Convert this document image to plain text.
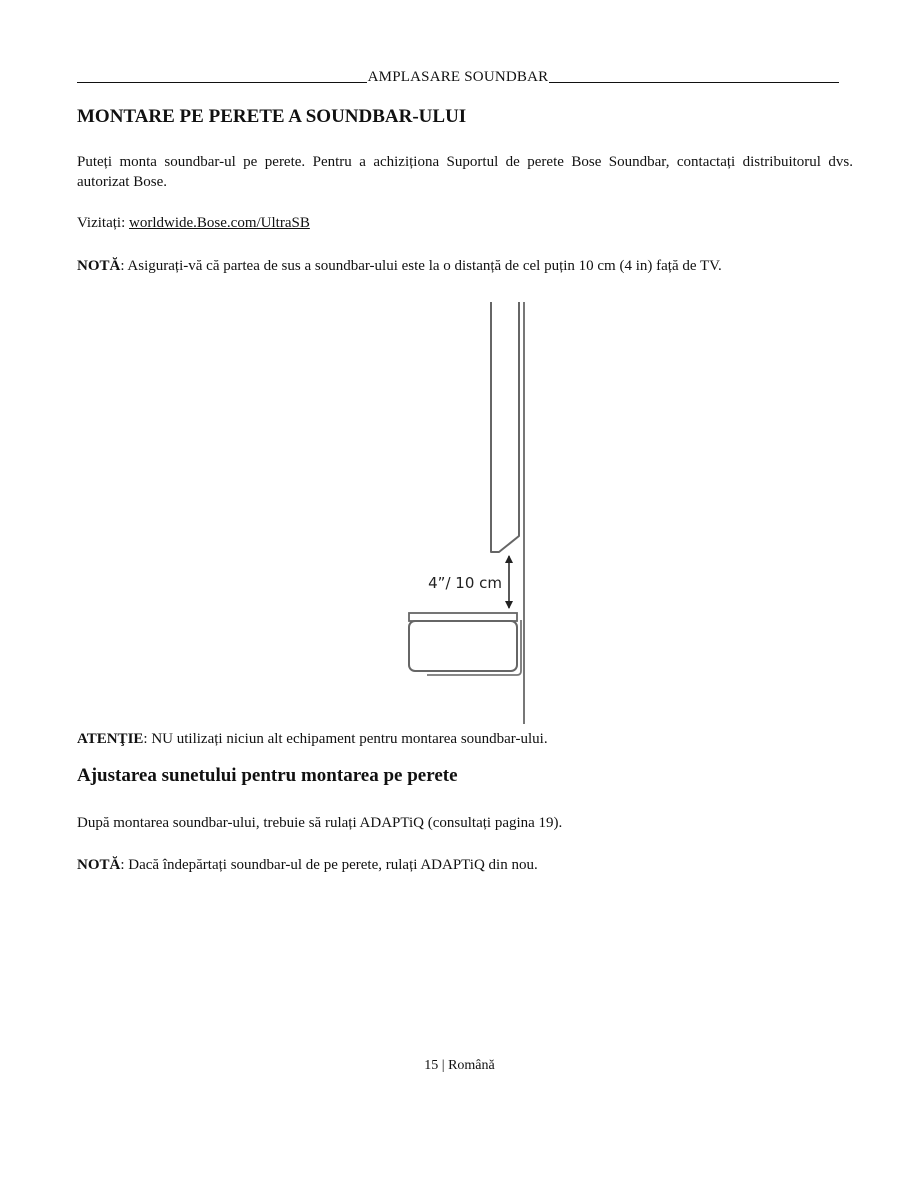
AMPLASARE SOUNDBAR
MONTARE PE PERETE A SOUNDBAR-ULUI

Puteți monta soundbar-ul pe perete. Pentru a achiziționa Suportul de perete Bose Soundbar, contactați distribuitorul dvs. autorizat Bose.

Vizitați: worldwide.Bose.com/UltraSB

NOTĂ: Asigurați-vă că partea de sus a soundbar-ului este la o distanță de cel puțin 10 cm (4 in) față de TV.

4”/ 10 cm

ATENŢIE: NU utilizați niciun alt echipament pentru montarea soundbar-ului.

Ajustarea sunetului pentru montarea pe perete

După montarea soundbar-ului, trebuie să rulați ADAPTiQ (consultați pagina 19).

NOTĂ: Dacă îndepărtați soundbar-ul de pe perete, rulați ADAPTiQ din nou.

15 | Română
